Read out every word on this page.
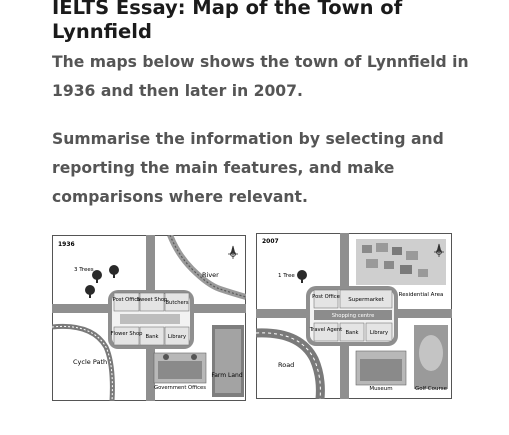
IELTS Essay: Map of the Town of Lynnfield
The maps below shows the town of Lynnfield in 1936 and then later in 2007.
Summarise the information by selecting and reporting the main features, and make comparisons where relevant.
Post Office
Sweet Shop
Butchers
Flower Shop Bank Library
1936
3 Trees
River
Cycle Path
Government Offices
Farm Land
Post Office Supermarket
Shopping centre
Travel Agent Bank Library
2007
1 Tree
Residential Area
Road
Museum	Golf Course
